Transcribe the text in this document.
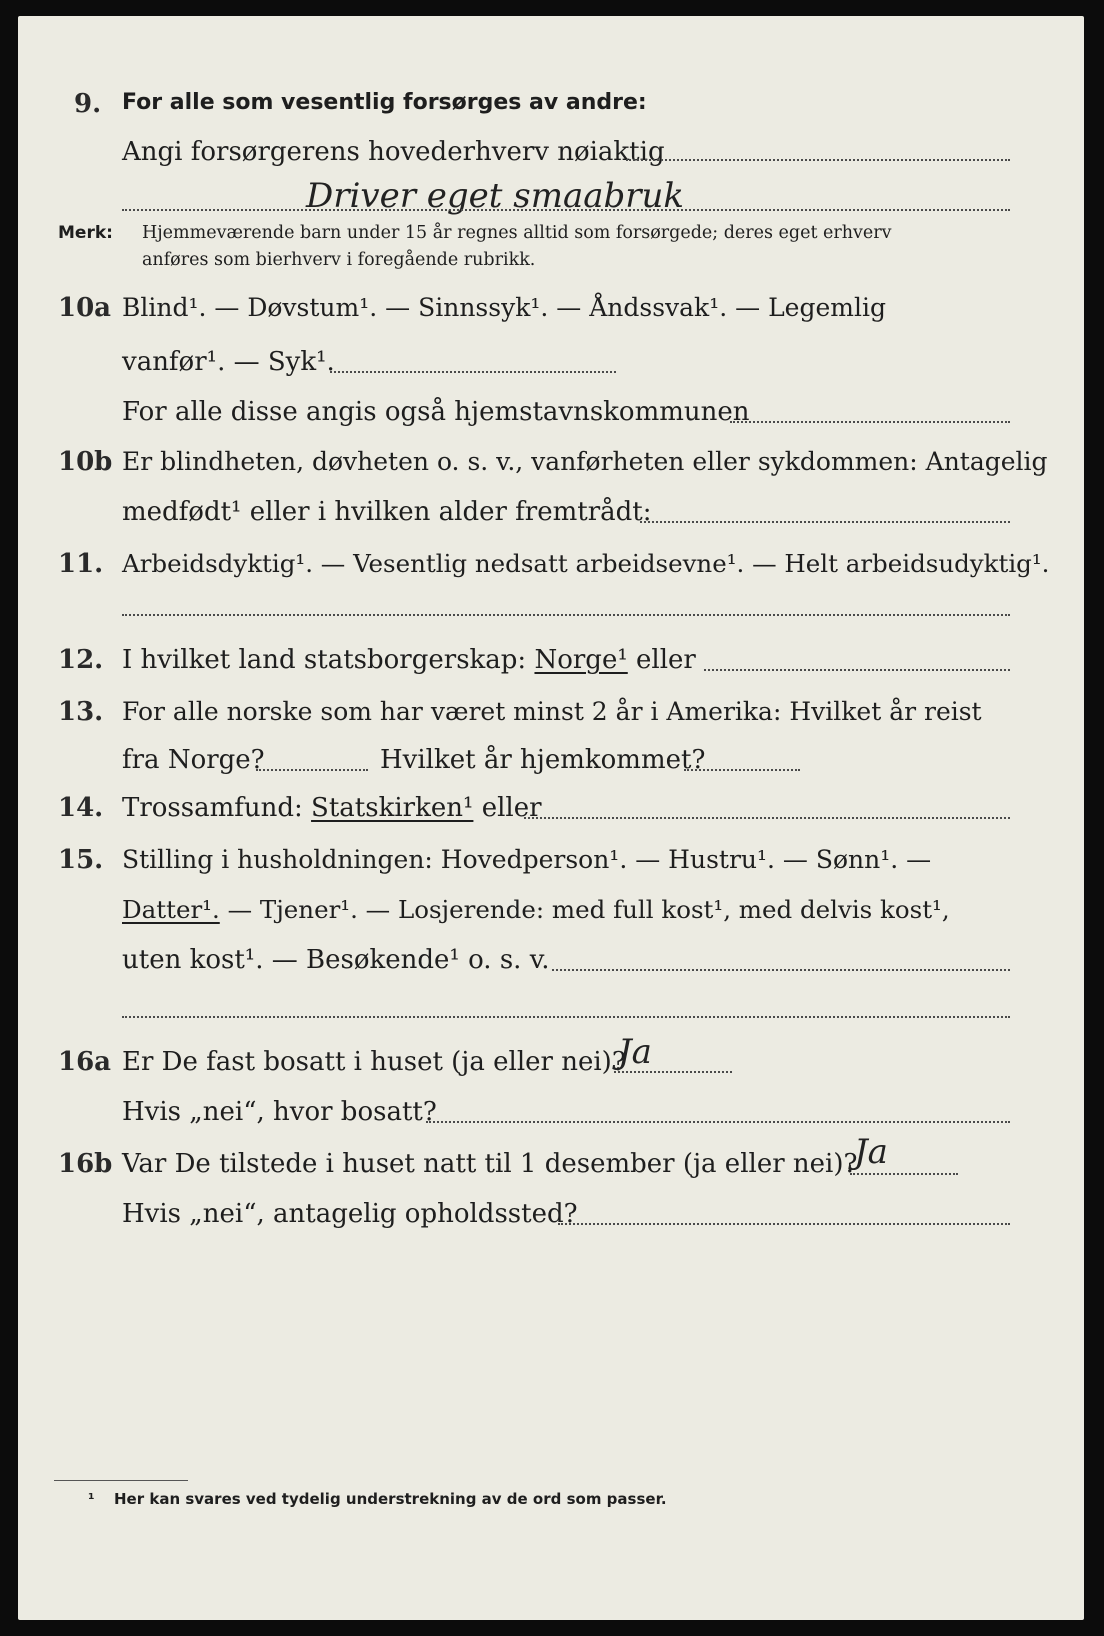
9. For alle som vesentlig forsørges av andre:
Angi forsørgerens hovederhverv nøiaktig
Driver eget smaabruk
Merk: Hjemmeværende barn under 15 år regnes alltid som forsørgede; deres eget erhverv
anføres som bierhverv i foregående rubrikk.
10a Blind¹. — Døvstum¹. — Sinnssyk¹. — Åndssvak¹. — Legemlig
vanfør¹. — Syk¹.
For alle disse angis også hjemstavnskommunen
10b Er blindheten, døvheten o. s. v., vanførheten eller sykdommen: Antagelig
medfødt¹ eller i hvilken alder fremtrådt:
11. Arbeidsdyktig¹. — Vesentlig nedsatt arbeidsevne¹. — Helt arbeidsudyktig¹.
12. I hvilket land statsborgerskap: Norge¹ eller
13. For alle norske som har været minst 2 år i Amerika: Hvilket år reist
fra Norge?	Hvilket år hjemkommet?
14. Trossamfund: Statskirken¹ eller
15. Stilling i husholdningen: Hovedperson¹. — Hustru¹. — Sønn¹. —
Datter¹. — Tjener¹. — Losjerende: med full kost¹, med delvis kost¹,
uten kost¹. — Besøkende¹ o. s. v.
16a Er De fast bosatt i huset (ja eller nei)?
Ja
Hvis „nei“, hvor bosatt?
16b Var De tilstede i huset natt til 1 desember (ja eller nei)?
Ja
Hvis „nei“, antagelig opholdssted?
¹ Her kan svares ved tydelig understrekning av de ord som passer.
